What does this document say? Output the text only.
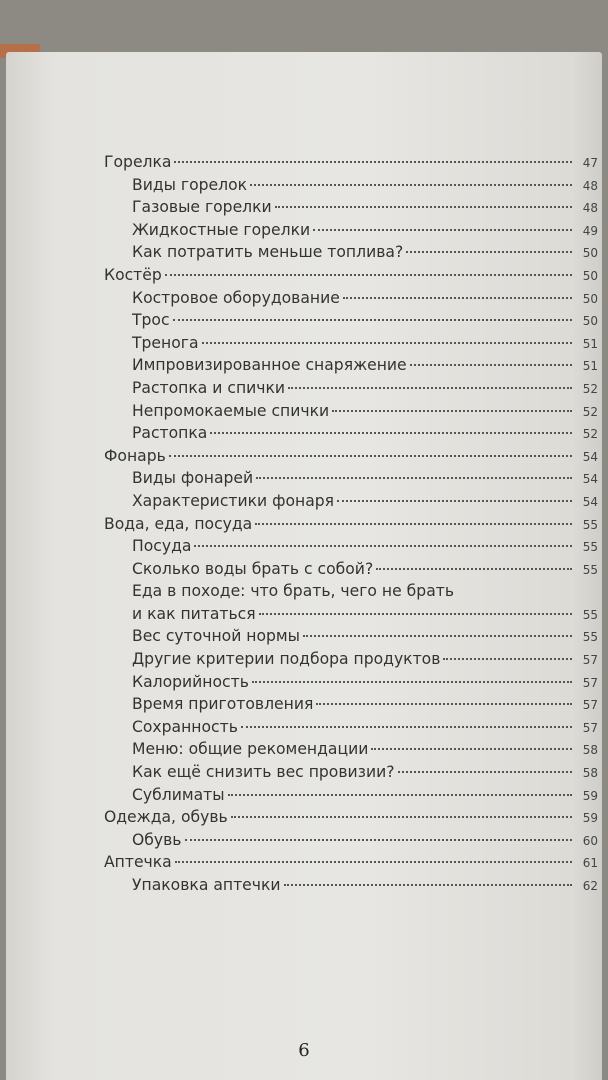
Горелка	47
Виды горелок	48
Газовые горелки	48
Жидкостные горелки	49
Как потратить меньше топлива?	50
Костёр	50
Костровое оборудование	50
Трос	50
Тренога	51
Импровизированное снаряжение	51
Растопка и спички	52
Непромокаемые спички	52
Растопка	52
Фонарь	54
Виды фонарей	54
Характеристики фонаря	54
Вода, еда, посуда	55
Посуда	55
Сколько воды брать с собой?	55
Еда в походе: что брать, чего не брать
и как питаться	55
Вес суточной нормы	55
Другие критерии подбора продуктов	57
Калорийность	57
Время приготовления	57
Сохранность	57
Меню: общие рекомендации	58
Как ещё снизить вес провизии?	58
Сублиматы	59
Одежда, обувь	59
Обувь	60
Аптечка	61
Упаковка аптечки	62
6
